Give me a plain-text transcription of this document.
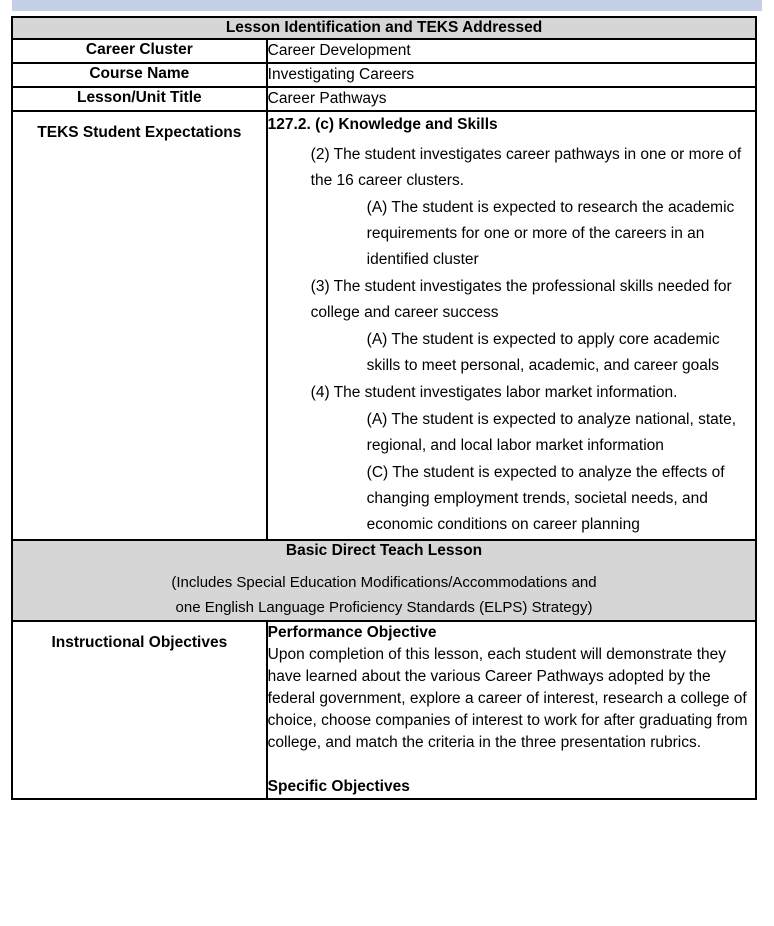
Lesson Identification and TEKS Addressed	
Career Cluster	Career Development
Course Name	Investigating Careers
Lesson/Unit Title	Career Pathways
TEKS Student Expectations	127.2. (c) Knowledge and Skills

(2) The student investigates career pathways in one or more of the 16 career clusters.

(A) The student is expected to research the academic requirements for one or more of the careers in an identified cluster

(3) The student investigates the professional skills needed for college and career success

(A) The student is expected to apply core academic skills to meet personal, academic, and career goals

(4) The student investigates labor market information.

(A) The student is expected to analyze national, state, regional, and local labor market information

(C) The student is expected to analyze the effects of changing employment trends, societal needs, and economic conditions on career planning

Basic Direct Teach Lesson
(Includes Special Education Modifications/Accommodations and
one English Language Proficiency Standards (ELPS) Strategy)	

Instructional Objectives	Performance Objective

Upon completion of this lesson, each student will demonstrate they have learned about the various Career Pathways adopted by the federal government, explore a career of interest, research a college of choice, choose companies of interest to work for after graduating from college, and match the criteria in the three presentation rubrics.

Specific Objectives
